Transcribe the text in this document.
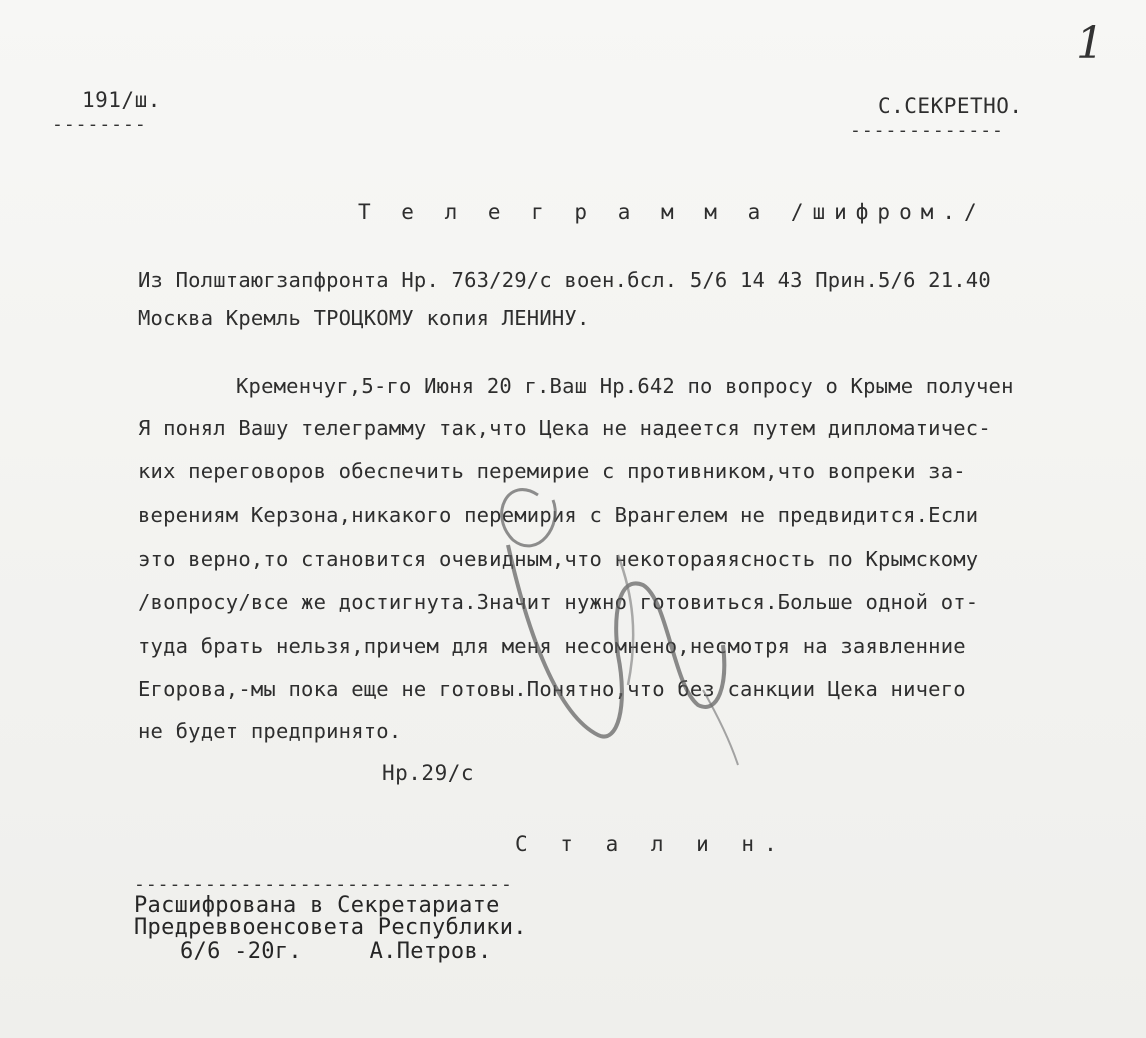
1
191/ш.
--------
С.СЕКРЕТНО.
-------------
Т е л е г р а м м а /шифром./
Из Полштаюгзапфронта Нр. 763/29/с воен.бсл. 5/6 14 43 Прин.5/6 21.40
Москва Кремль ТРОЦКОМУ копия ЛЕНИНУ.
Кременчуг,5-го Июня 20 г.Ваш Нр.642 по вопросу о Крыме получен
Я понял Вашу телеграмму так,что Цека не надеется путем дипломатичес-
ких переговоров обеспечить перемирие с противником,что вопреки за-
верениям Керзона,никакого перемирия с Врангелем не предвидится.Если
это верно,то становится очевидным,что некотораяясность по Крымскому
/вопросу/все же достигнута.Значит нужно готовиться.Больше одной от-
туда брать нельзя,причем для меня несомнено,несмотря на заявленние
Егорова,-мы пока еще не готовы.Понятно,что без санкции Цека ничего
не будет предпринято.
Нр.29/с
С т а л и н.
--------------------------------
Расшифрована в Секретариате
Предреввоенсовета Республики.
6/6 -20г.     А.Петров.
